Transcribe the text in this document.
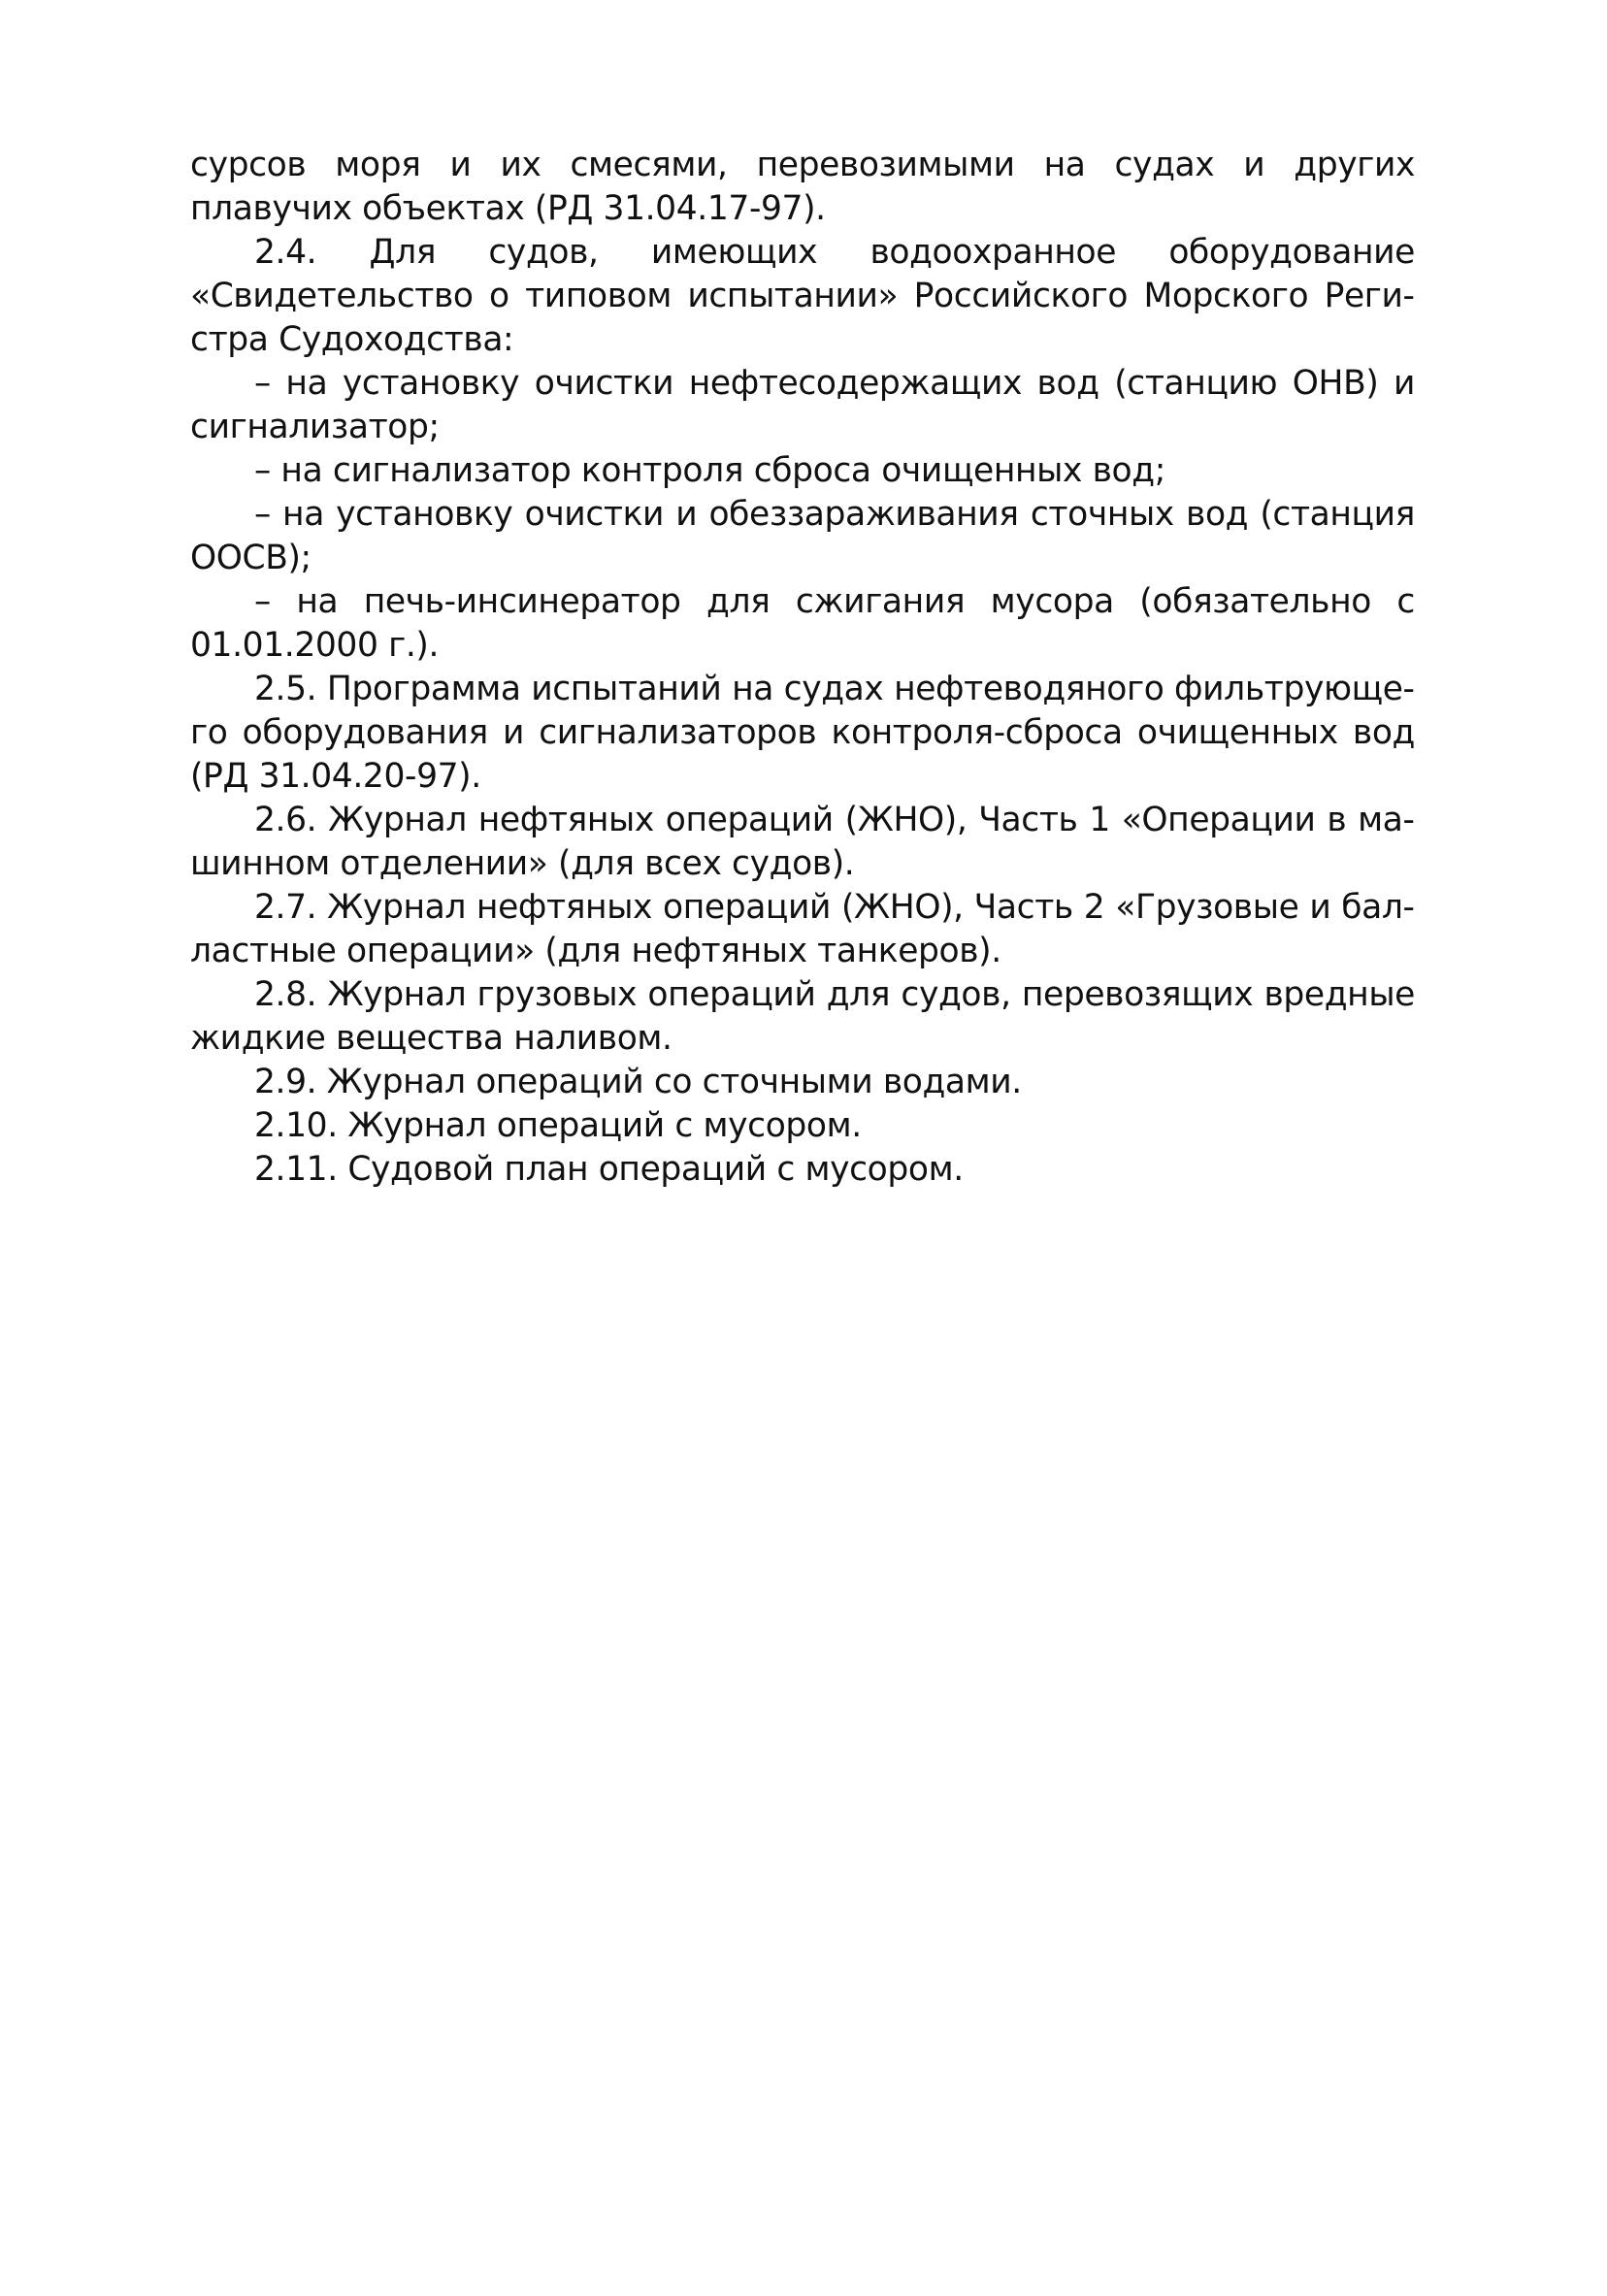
сурсов моря и их смесями, перевозимыми на судах и других плавучих объектах (РД 31.04.17-97).

2.4. Для судов, имеющих водоохранное оборудование «Свидетельство о типовом испытании» Российского Морского Регистра Судоходства:

– на установку очистки нефтесодержащих вод (станцию ОНВ) и сигнализатор;

– на сигнализатор контроля сброса очищенных вод;

– на установку очистки и обеззараживания сточных вод (станция ООСВ);

– на печь-инсинератор для сжигания мусора (обязательно с 01.01.2000 г.).

2.5. Программа испытаний на судах нефтеводяного фильтрующего оборудования и сигнализаторов контроля-сброса очищенных вод (РД 31.04.20-97).

2.6. Журнал нефтяных операций (ЖНО), Часть 1 «Операции в машинном отделении» (для всех судов).

2.7. Журнал нефтяных операций (ЖНО), Часть 2 «Грузовые и балластные операции» (для нефтяных танкеров).

2.8. Журнал грузовых операций для судов, перевозящих вредные жидкие вещества наливом.

2.9. Журнал операций со сточными водами.

2.10. Журнал операций с мусором.

2.11. Судовой план операций с мусором.
